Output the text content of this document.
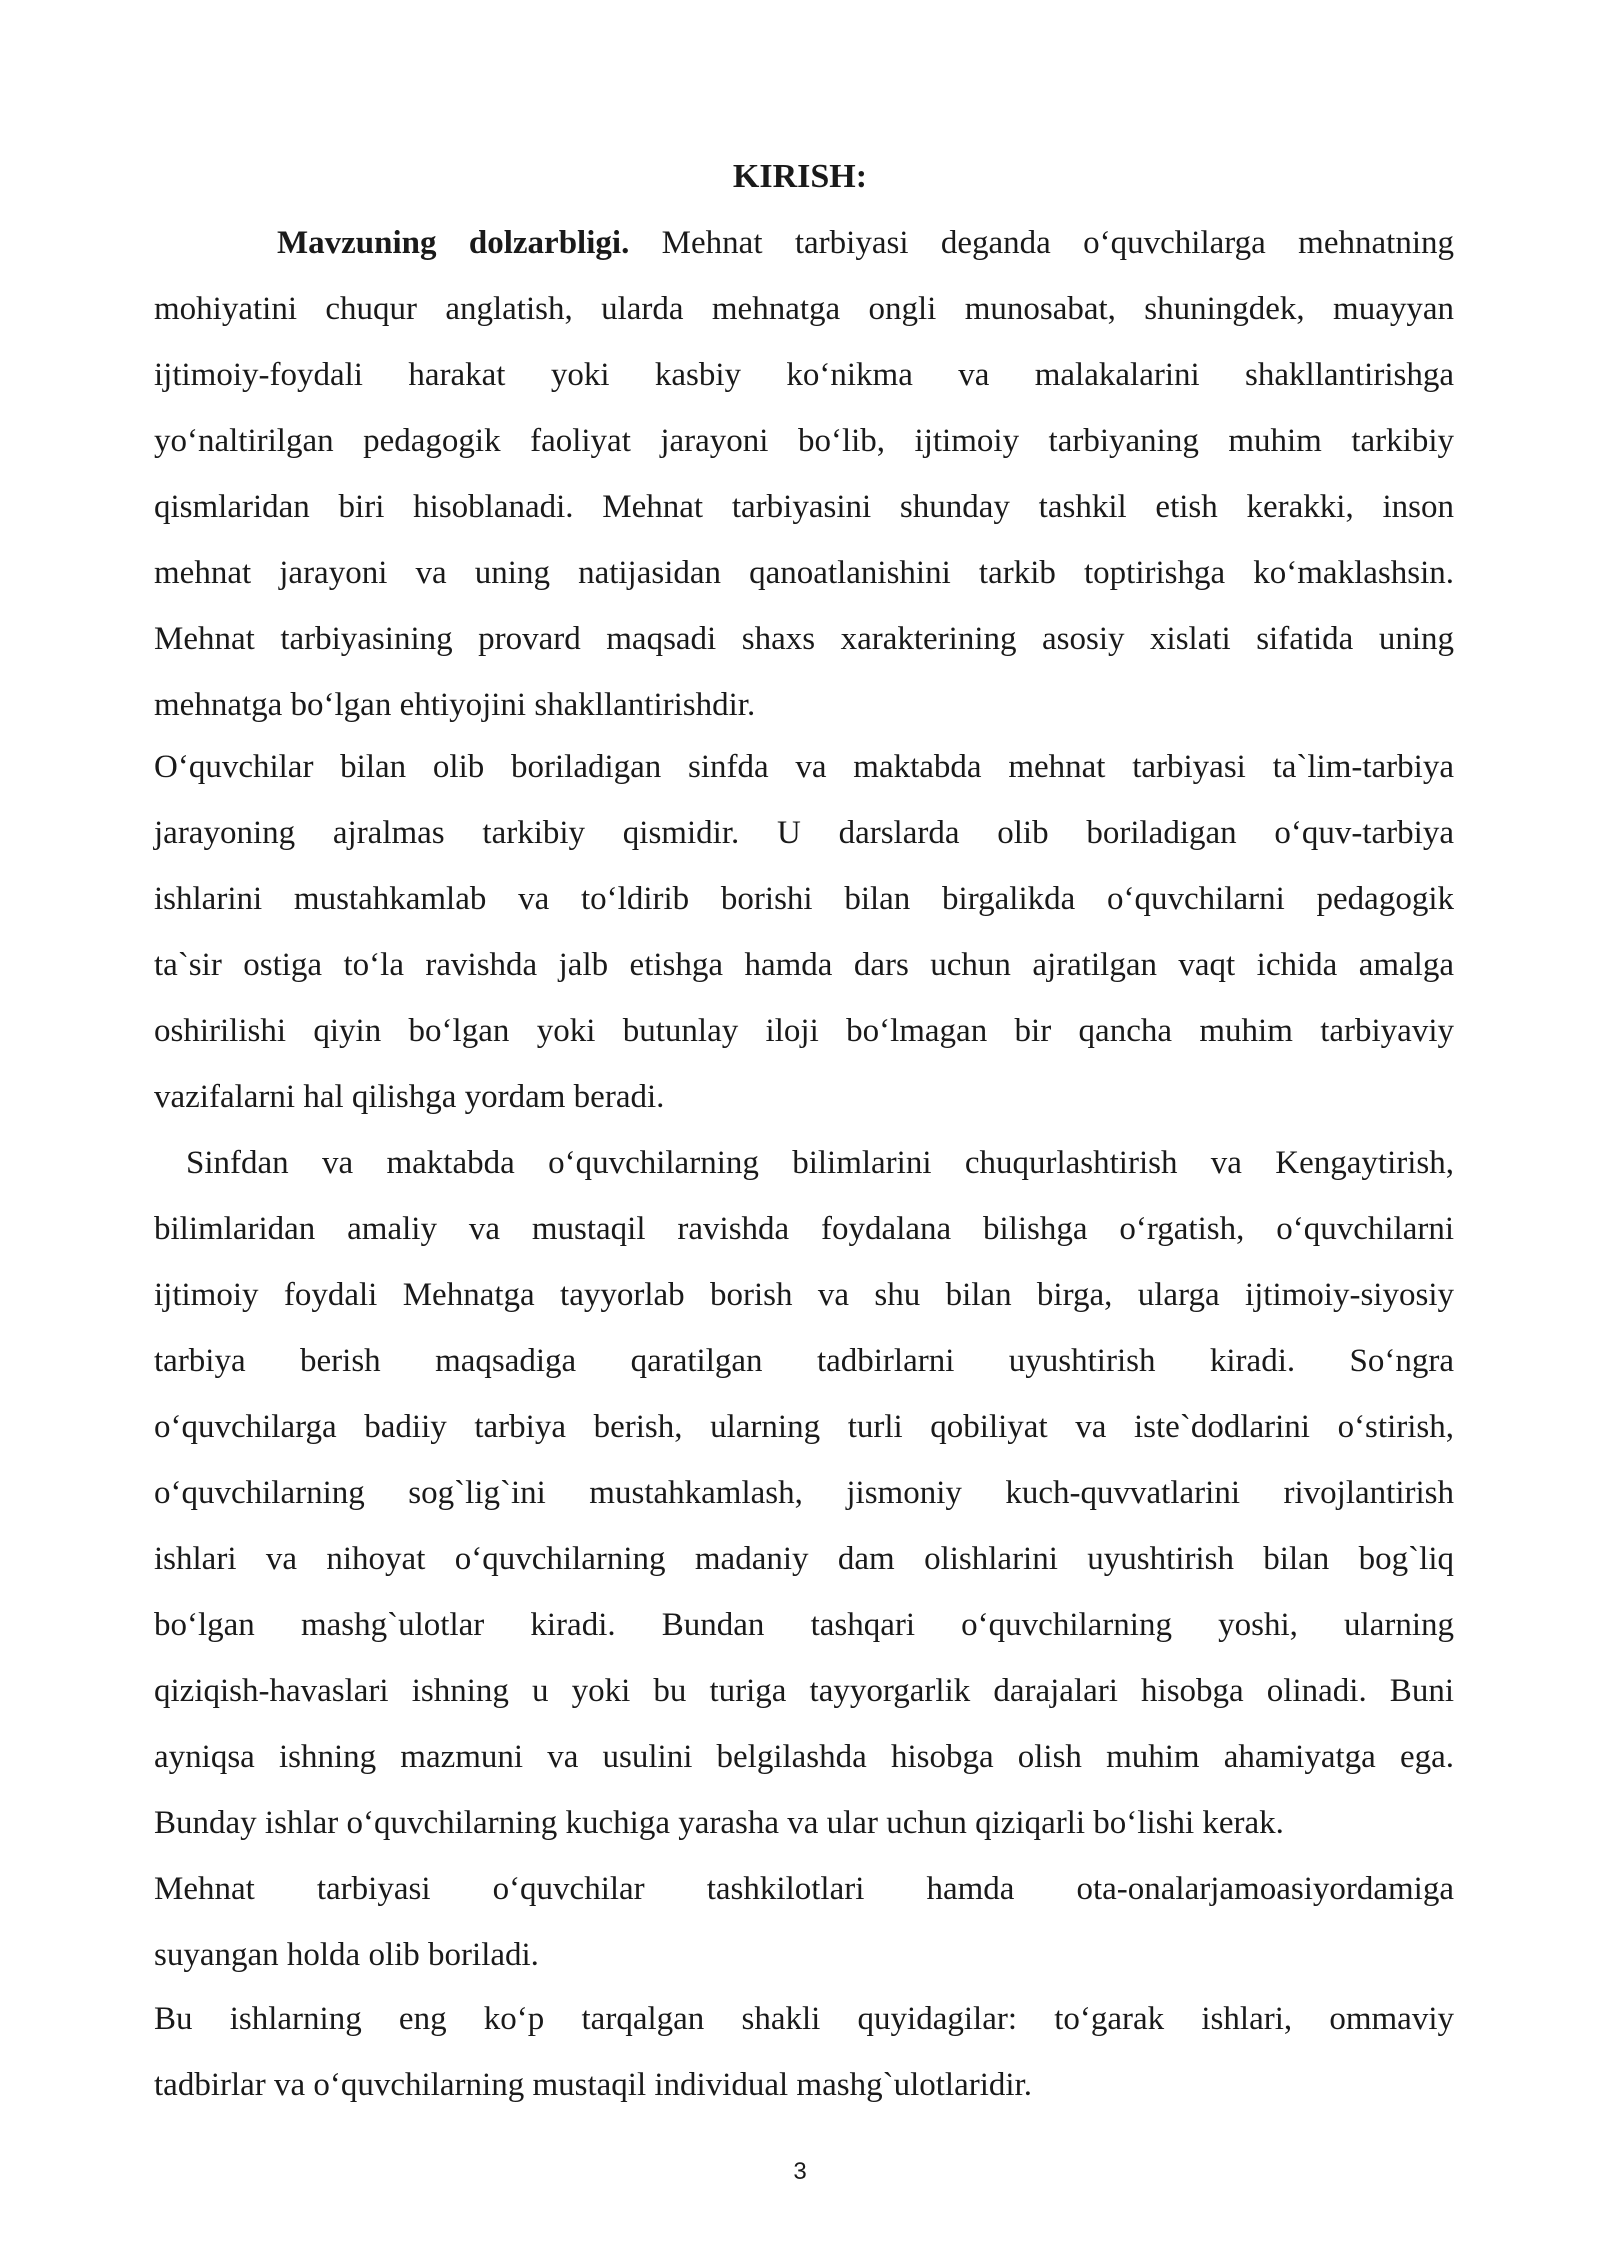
KIRISH:
Mavzuning dolzarbligi. Mehnat tarbiyasi deganda o‘quvchilarga mehnatning
mohiyatini chuqur anglatish, ularda mehnatga ongli munosabat, shuningdek, muayyan
ijtimoiy-foydali harakat yoki kasbiy ko‘nikma va malakalarini shakllantirishga
yo‘naltirilgan pedagogik faoliyat jarayoni bo‘lib, ijtimoiy tarbiyaning muhim tarkibiy
qismlaridan biri hisoblanadi. Mehnat tarbiyasini shunday tashkil etish kerakki, inson
mehnat jarayoni va uning natijasidan qanoatlanishini tarkib toptirishga ko‘maklashsin.
Mehnat tarbiyasining provard maqsadi shaxs xarakterining asosiy xislati sifatida uning
mehnatga bo‘lgan ehtiyojini shakllantirishdir.
O‘quvchilar bilan olib boriladigan sinfda va maktabda mehnat tarbiyasi ta`lim-tarbiya
jarayoning ajralmas tarkibiy qismidir. U darslarda olib boriladigan o‘quv-tarbiya
ishlarini mustahkamlab va to‘ldirib borishi bilan birgalikda o‘quvchilarni pedagogik
ta`sir ostiga to‘la ravishda jalb etishga hamda dars uchun ajratilgan vaqt ichida amalga
oshirilishi qiyin bo‘lgan yoki butunlay iloji bo‘lmagan bir qancha muhim tarbiyaviy
vazifalarni hal qilishga yordam beradi.
Sinfdan va maktabda o‘quvchilarning bilimlarini chuqurlashtirish va Kengaytirish,
bilimlaridan amaliy va mustaqil ravishda foydalana bilishga o‘rgatish, o‘quvchilarni
ijtimoiy foydali Mehnatga tayyorlab borish va shu bilan birga, ularga ijtimoiy-siyosiy
tarbiya berish maqsadiga qaratilgan tadbirlarni uyushtirish kiradi. So‘ngra
o‘quvchilarga badiiy tarbiya berish, ularning turli qobiliyat va iste`dodlarini o‘stirish,
o‘quvchilarning sog`lig`ini mustahkamlash, jismoniy kuch-quvvatlarini rivojlantirish
ishlari va nihoyat o‘quvchilarning madaniy dam olishlarini uyushtirish bilan bog`liq
bo‘lgan mashg`ulotlar kiradi. Bundan tashqari o‘quvchilarning yoshi, ularning
qiziqish-havaslari ishning u yoki bu turiga tayyorgarlik darajalari hisobga olinadi. Buni
ayniqsa ishning mazmuni va usulini belgilashda hisobga olish muhim ahamiyatga ega.
Bunday ishlar o‘quvchilarning kuchiga yarasha va ular uchun qiziqarli bo‘lishi kerak.
Mehnat tarbiyasi o‘quvchilar tashkilotlari hamda ota-onalarjamoasiyordamiga
suyangan holda olib boriladi.
Bu ishlarning eng ko‘p tarqalgan shakli quyidagilar: to‘garak ishlari, ommaviy
tadbirlar va o‘quvchilarning mustaqil individual mashg`ulotlaridir.
3
